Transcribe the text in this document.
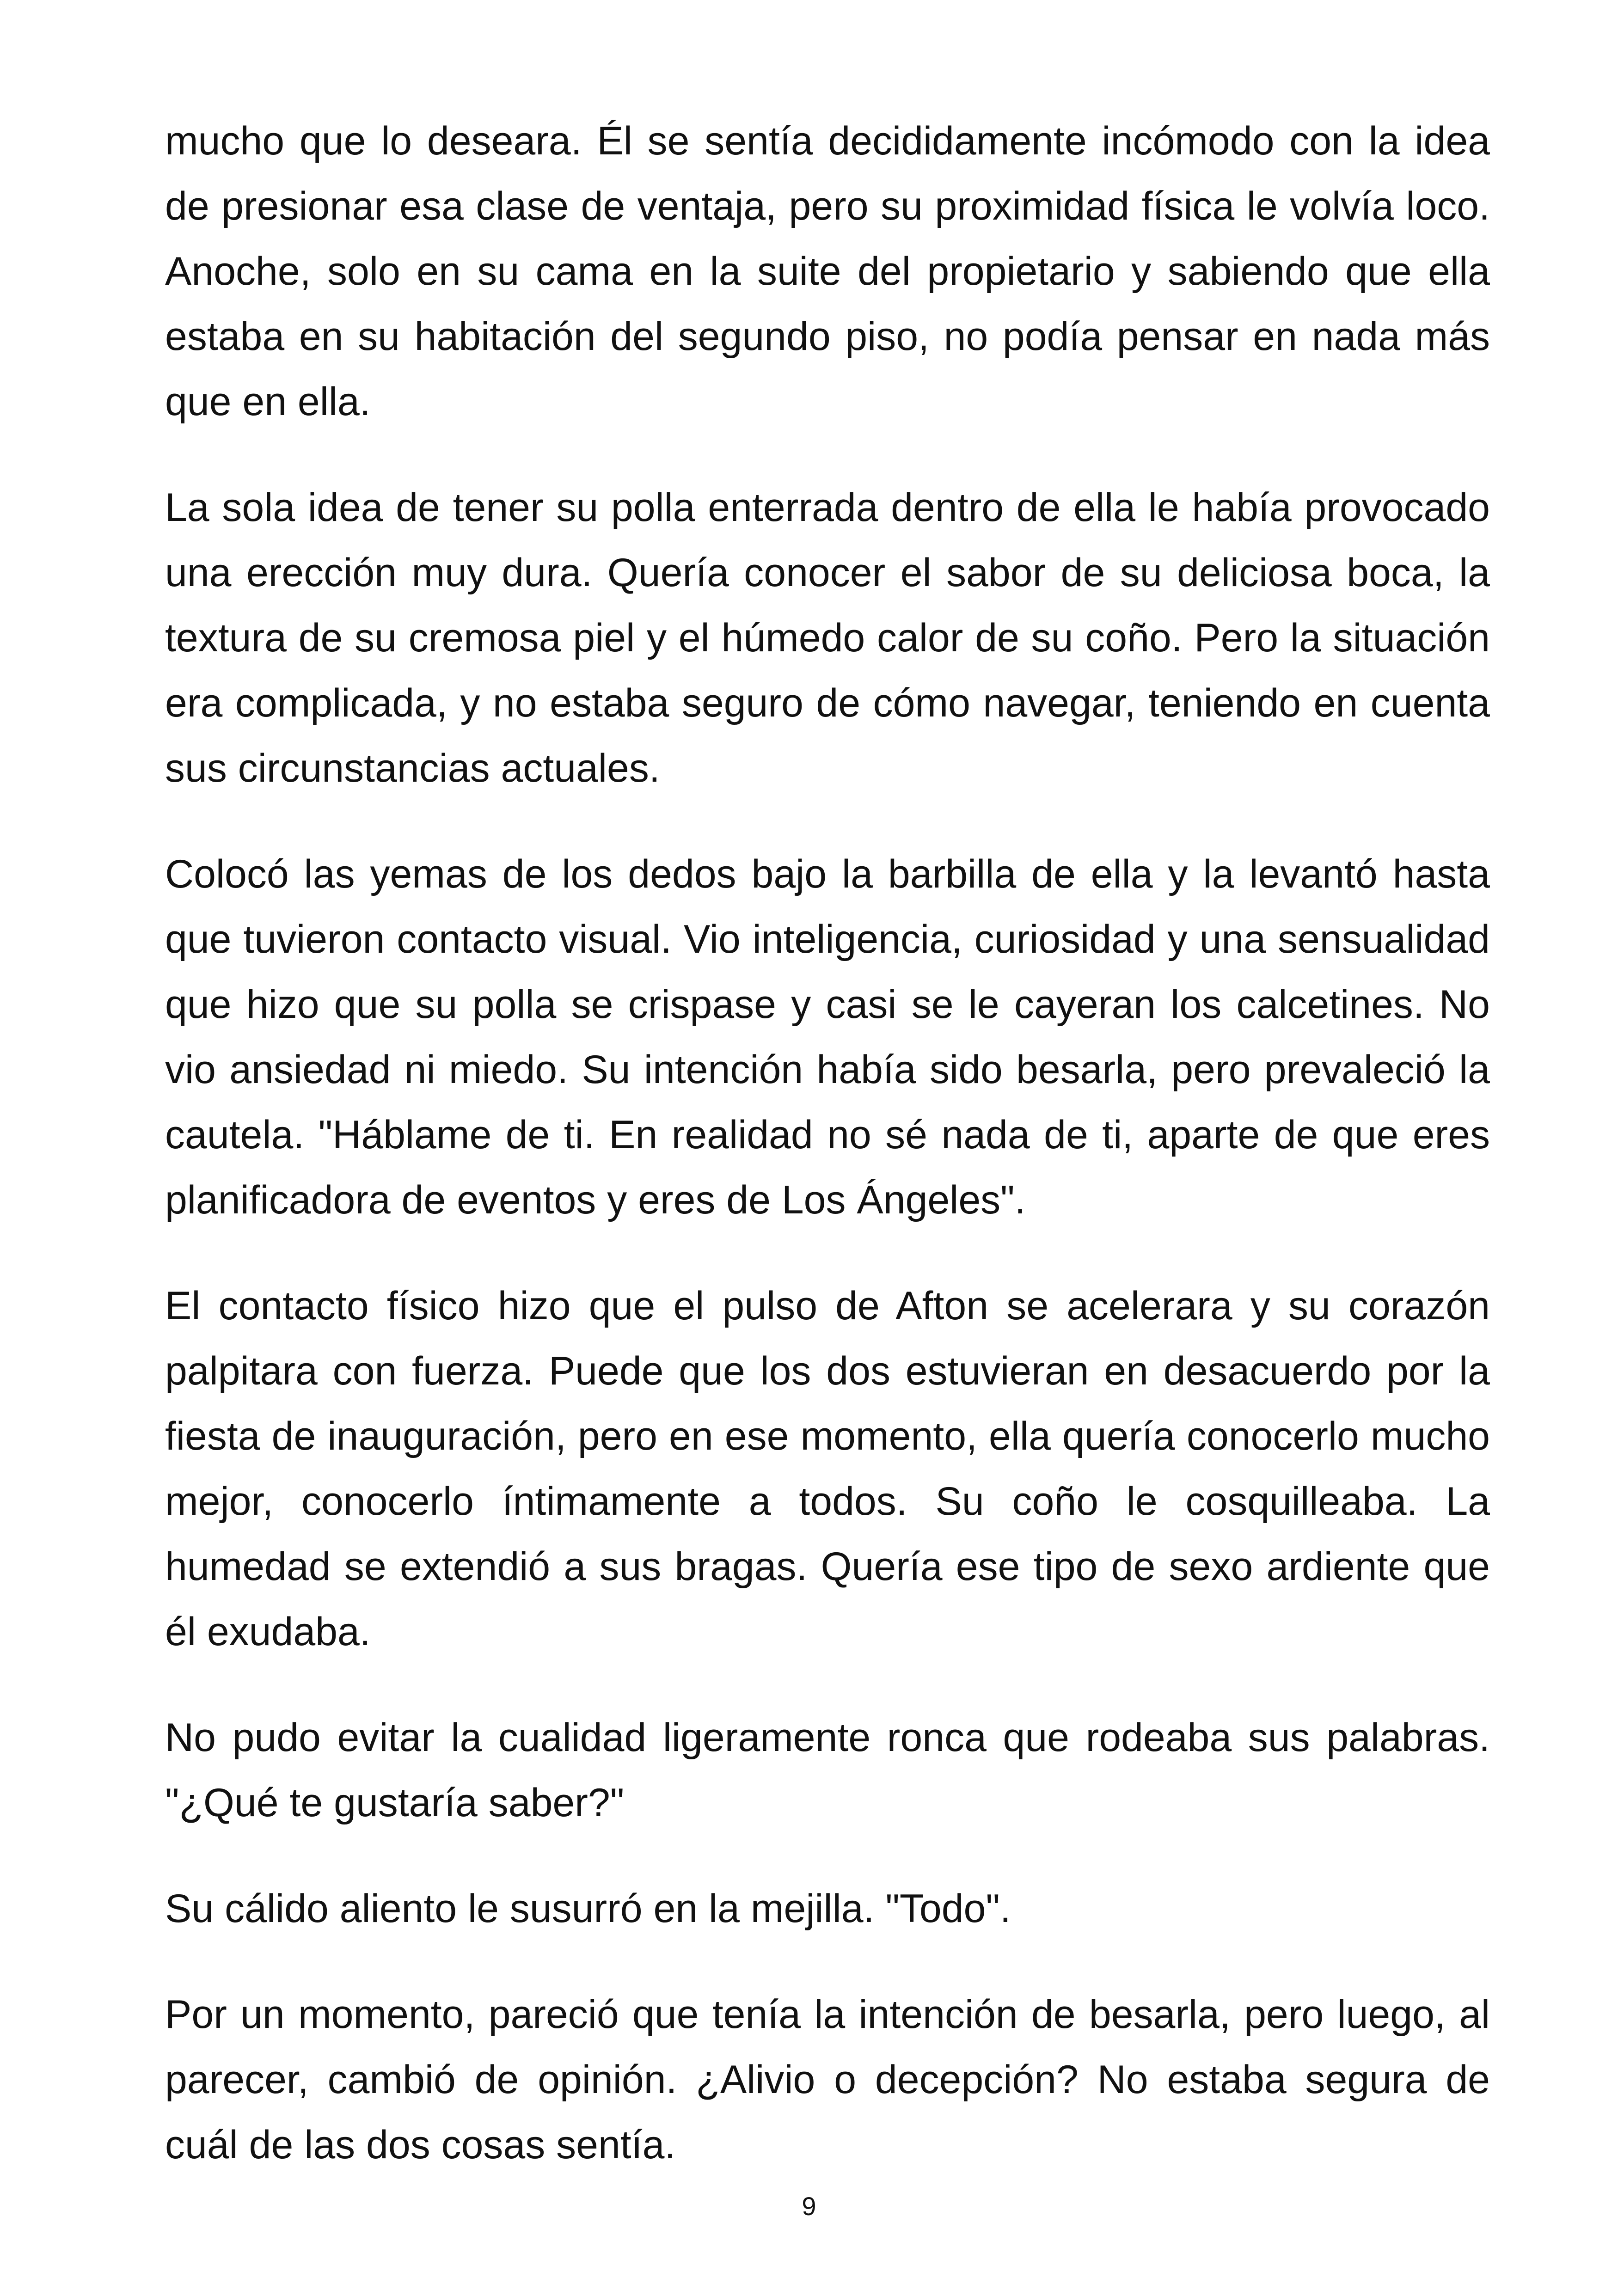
mucho que lo deseara. Él se sentía decididamente incómodo con la idea de presionar esa clase de ventaja, pero su proximidad física le volvía loco. Anoche, solo en su cama en la suite del propietario y sabiendo que ella estaba en su habitación del segundo piso, no podía pensar en nada más que en ella.

La sola idea de tener su polla enterrada dentro de ella le había provocado una erección muy dura. Quería conocer el sabor de su deliciosa boca, la textura de su cremosa piel y el húmedo calor de su coño. Pero la situación era complicada, y no estaba seguro de cómo navegar, teniendo en cuenta sus circunstancias actuales.

Colocó las yemas de los dedos bajo la barbilla de ella y la levantó hasta que tuvieron contacto visual. Vio inteligencia, curiosidad y una sensualidad que hizo que su polla se crispase y casi se le cayeran los calcetines. No vio ansiedad ni miedo. Su intención había sido besarla, pero prevaleció la cautela. "Háblame de ti. En realidad no sé nada de ti, aparte de que eres planificadora de eventos y eres de Los Ángeles".

El contacto físico hizo que el pulso de Afton se acelerara y su corazón palpitara con fuerza. Puede que los dos estuvieran en desacuerdo por la fiesta de inauguración, pero en ese momento, ella quería conocerlo mucho mejor, conocerlo íntimamente a todos. Su coño le cosquilleaba. La humedad se extendió a sus bragas. Quería ese tipo de sexo ardiente que él exudaba.

No pudo evitar la cualidad ligeramente ronca que rodeaba sus palabras. "¿Qué te gustaría saber?"

Su cálido aliento le susurró en la mejilla. "Todo".

Por un momento, pareció que tenía la intención de besarla, pero luego, al parecer, cambió de opinión. ¿Alivio o decepción? No estaba segura de cuál de las dos cosas sentía.

9
